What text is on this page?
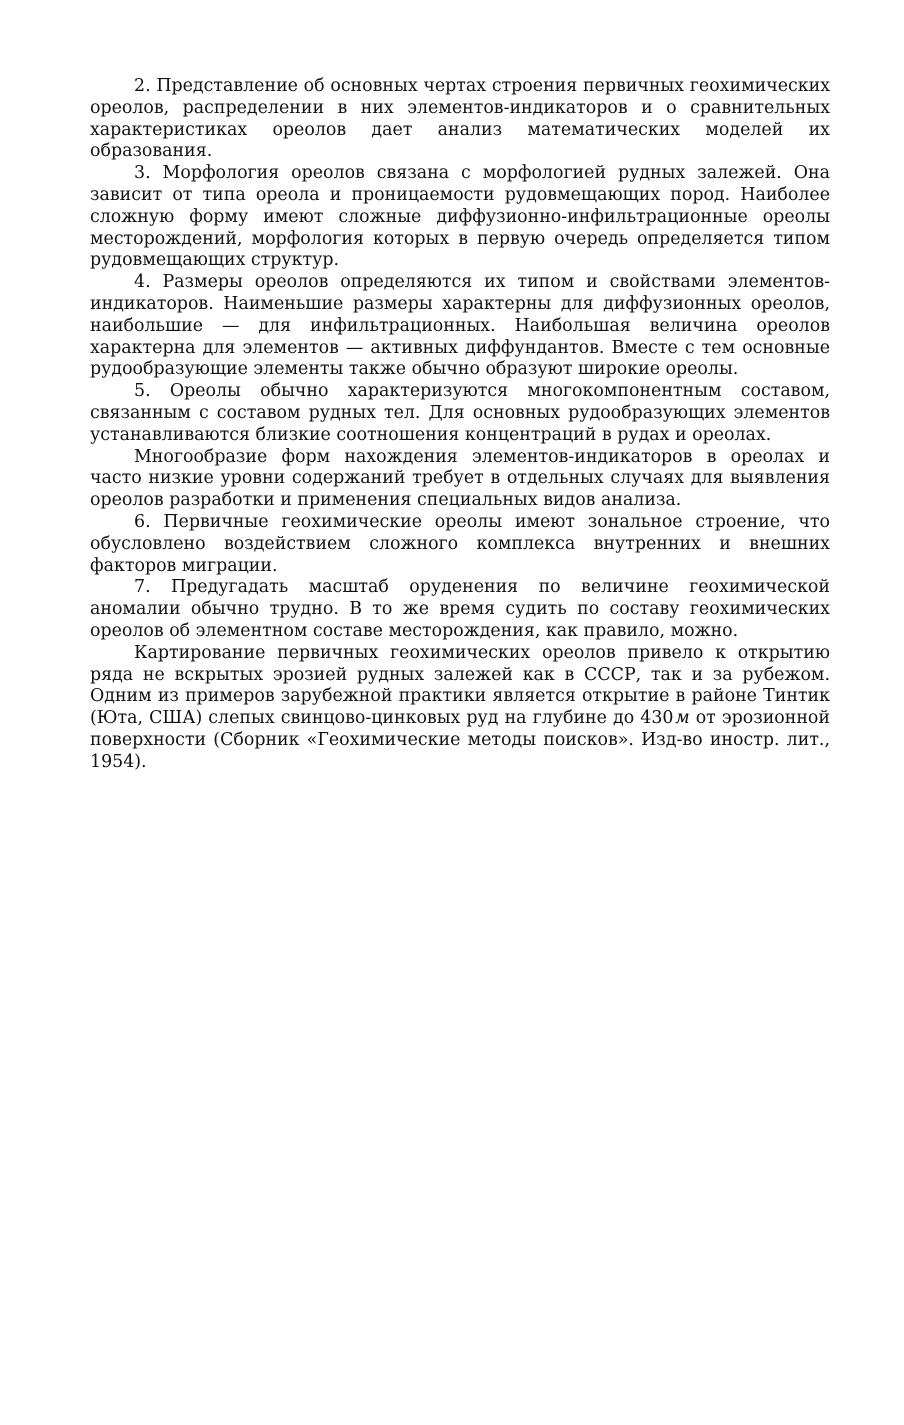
2. Представление об основных чертах строения первичных геохимических ореолов, распределении в них элементов-индикаторов и о сравнительных характеристиках ореолов дает анализ математических моделей их образования.

3. Морфология ореолов связана с морфологией рудных залежей. Она зависит от типа ореола и проницаемости рудовмещающих пород. Наиболее сложную форму имеют сложные диффузионно-инфильтрационные ореолы месторождений, морфология которых в первую очередь определяется типом рудовмещающих структур.

4. Размеры ореолов определяются их типом и свойствами элементов-индикаторов. Наименьшие размеры характерны для диффузионных ореолов, наибольшие — для инфильтрационных. Наибольшая величина ореолов характерна для элементов — активных диффундантов. Вместе с тем основные рудообразующие элементы также обычно образуют широкие ореолы.

5. Ореолы обычно характеризуются многокомпонентным составом, связанным с составом рудных тел. Для основных рудообразующих элементов устанавливаются близкие соотношения концентраций в рудах и ореолах.

Многообразие форм нахождения элементов-индикаторов в ореолах и часто низкие уровни содержаний требует в отдельных случаях для выявления ореолов разработки и применения специальных видов анализа.

6. Первичные геохимические ореолы имеют зональное строение, что обусловлено воздействием сложного комплекса внутренних и внешних факторов миграции.

7. Предугадать масштаб оруденения по величине геохимической аномалии обычно трудно. В то же время судить по составу геохимических ореолов об элементном составе месторождения, как правило, можно.

Картирование первичных геохимических ореолов привело к открытию ряда не вскрытых эрозией рудных залежей как в СССР, так и за рубежом. Одним из примеров зарубежной практики является открытие в районе Тинтик (Юта, США) слепых свинцово-цинковых руд на глубине до 430 м от эрозионной поверхности (Сборник «Геохимические методы поисков». Изд-во иностр. лит., 1954).
